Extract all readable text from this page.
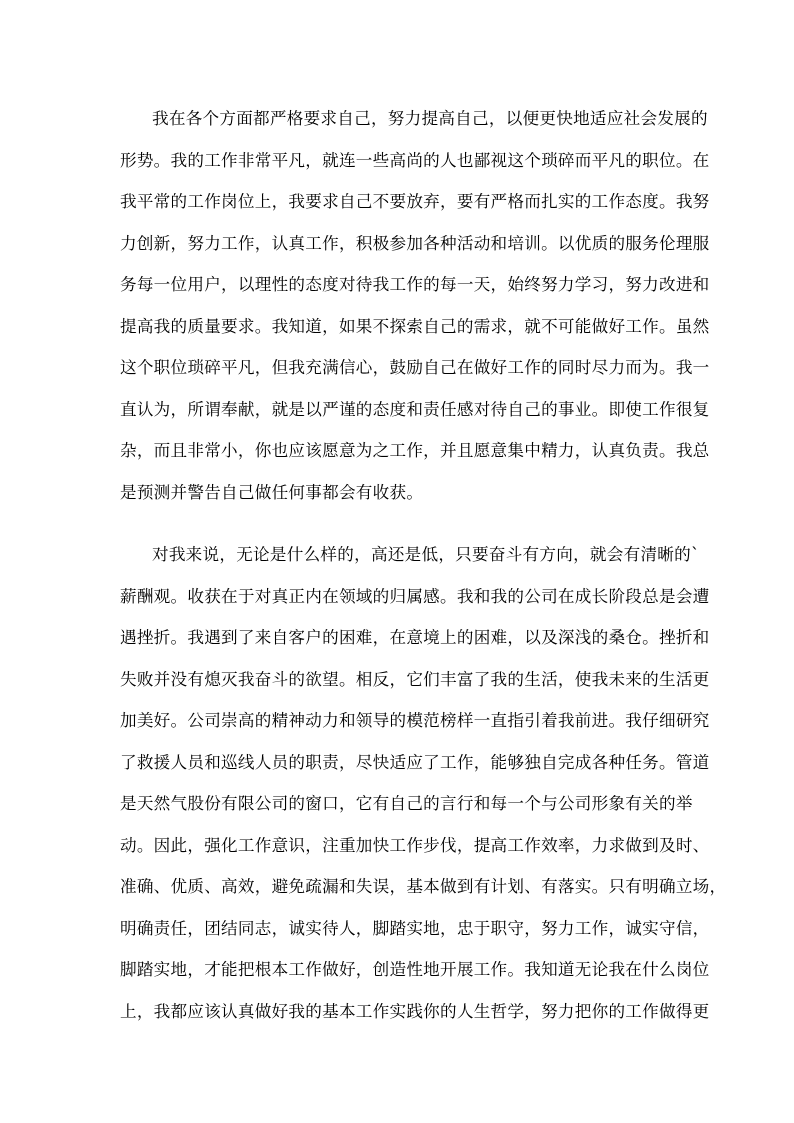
我在各个方面都严格要求自己，努力提高自己，以便更快地适应社会发展的
形势。我的工作非常平凡，就连一些高尚的人也鄙视这个琐碎而平凡的职位。在
我平常的工作岗位上，我要求自己不要放弃，要有严格而扎实的工作态度。我努
力创新，努力工作，认真工作，积极参加各种活动和培训。以优质的服务伦理服
务每一位用户，以理性的态度对待我工作的每一天，始终努力学习，努力改进和
提高我的质量要求。我知道，如果不探索自己的需求，就不可能做好工作。虽然
这个职位琐碎平凡，但我充满信心，鼓励自己在做好工作的同时尽力而为。我一
直认为，所谓奉献，就是以严谨的态度和责任感对待自己的事业。即使工作很复
杂，而且非常小，你也应该愿意为之工作，并且愿意集中精力，认真负责。我总
是预测并警告自己做任何事都会有收获。
对我来说，无论是什么样的，高还是低，只要奋斗有方向，就会有清晰的`
薪酬观。收获在于对真正内在领域的归属感。我和我的公司在成长阶段总是会遭
遇挫折。我遇到了来自客户的困难，在意境上的困难，以及深浅的桑仓。挫折和
失败并没有熄灭我奋斗的欲望。相反，它们丰富了我的生活，使我未来的生活更
加美好。公司崇高的精神动力和领导的模范榜样一直指引着我前进。我仔细研究
了救援人员和巡线人员的职责，尽快适应了工作，能够独自完成各种任务。管道
是天然气股份有限公司的窗口，它有自己的言行和每一个与公司形象有关的举
动。因此，强化工作意识，注重加快工作步伐，提高工作效率，力求做到及时、
准确、优质、高效，避免疏漏和失误，基本做到有计划、有落实。只有明确立场，
明确责任，团结同志，诚实待人，脚踏实地，忠于职守，努力工作，诚实守信，
脚踏实地，才能把根本工作做好，创造性地开展工作。我知道无论我在什么岗位
上，我都应该认真做好我的基本工作实践你的人生哲学，努力把你的工作做得更
